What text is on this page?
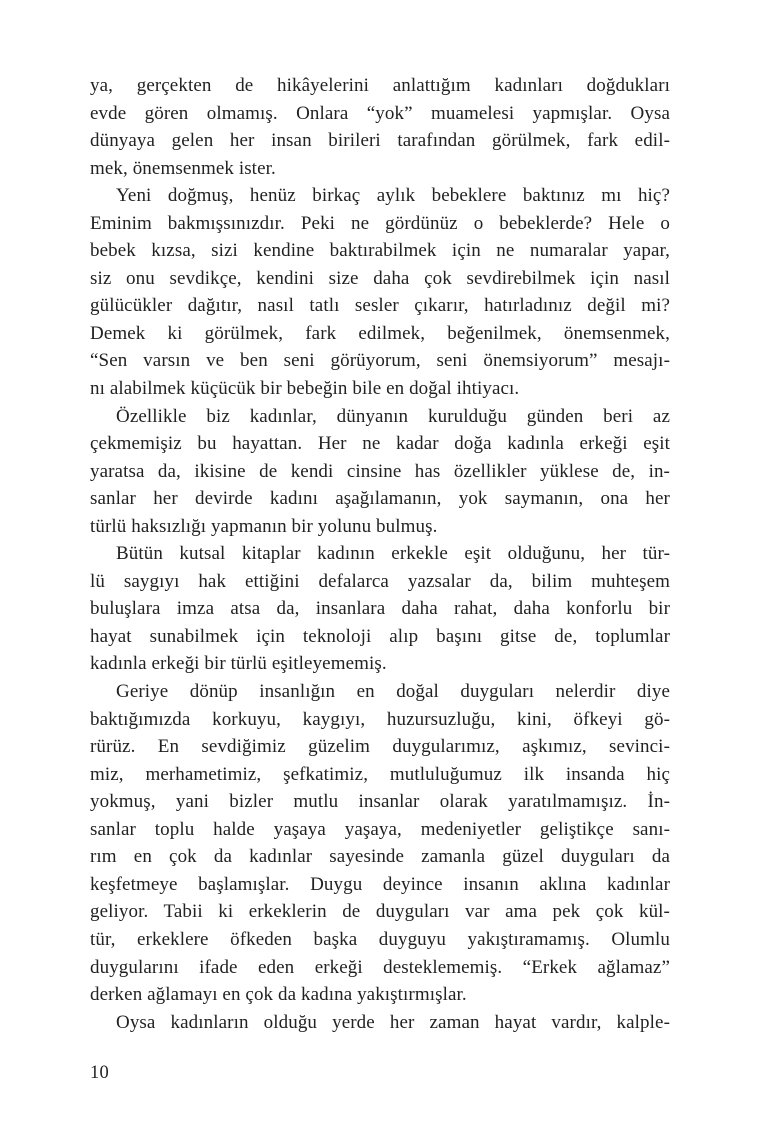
ya, gerçekten de hikâyelerini anlattığım kadınları doğdukları
evde gören olmamış. Onlara “yok” muamelesi yapmışlar. Oysa
dünyaya gelen her insan birileri tarafından görülmek, fark edil-
mek, önemsenmek ister.
Yeni doğmuş, henüz birkaç aylık bebeklere baktınız mı hiç?
Eminim bakmışsınızdır. Peki ne gördünüz o bebeklerde? Hele o
bebek kızsa, sizi kendine baktırabilmek için ne numaralar yapar,
siz onu sevdikçe, kendini size daha çok sevdirebilmek için nasıl
gülücükler dağıtır, nasıl tatlı sesler çıkarır, hatırladınız değil mi?
Demek ki görülmek, fark edilmek, beğenilmek, önemsenmek,
“Sen varsın ve ben seni görüyorum, seni önemsiyorum” mesajı-
nı alabilmek küçücük bir bebeğin bile en doğal ihtiyacı.
Özellikle biz kadınlar, dünyanın kurulduğu günden beri az
çekmemişiz bu hayattan. Her ne kadar doğa kadınla erkeği eşit
yaratsa da, ikisine de kendi cinsine has özellikler yüklese de, in-
sanlar her devirde kadını aşağılamanın, yok saymanın, ona her
türlü haksızlığı yapmanın bir yolunu bulmuş.
Bütün kutsal kitaplar kadının erkekle eşit olduğunu, her tür-
lü saygıyı hak ettiğini defalarca yazsalar da, bilim muhteşem
buluşlara imza atsa da, insanlara daha rahat, daha konforlu bir
hayat sunabilmek için teknoloji alıp başını gitse de, toplumlar
kadınla erkeği bir türlü eşitleyememiş.
Geriye dönüp insanlığın en doğal duyguları nelerdir diye
baktığımızda korkuyu, kaygıyı, huzursuzluğu, kini, öfkeyi gö-
rürüz. En sevdiğimiz güzelim duygularımız, aşkımız, sevinci-
miz, merhametimiz, şefkatimiz, mutluluğumuz ilk insanda hiç
yokmuş, yani bizler mutlu insanlar olarak yaratılmamışız. İn-
sanlar toplu halde yaşaya yaşaya, medeniyetler geliştikçe sanı-
rım en çok da kadınlar sayesinde zamanla güzel duyguları da
keşfetmeye başlamışlar. Duygu deyince insanın aklına kadınlar
geliyor. Tabii ki erkeklerin de duyguları var ama pek çok kül-
tür, erkeklere öfkeden başka duyguyu yakıştıramamış. Olumlu
duygularını ifade eden erkeği desteklememiş. “Erkek ağlamaz”
derken ağlamayı en çok da kadına yakıştırmışlar.
Oysa kadınların olduğu yerde her zaman hayat vardır, kalple-
10
